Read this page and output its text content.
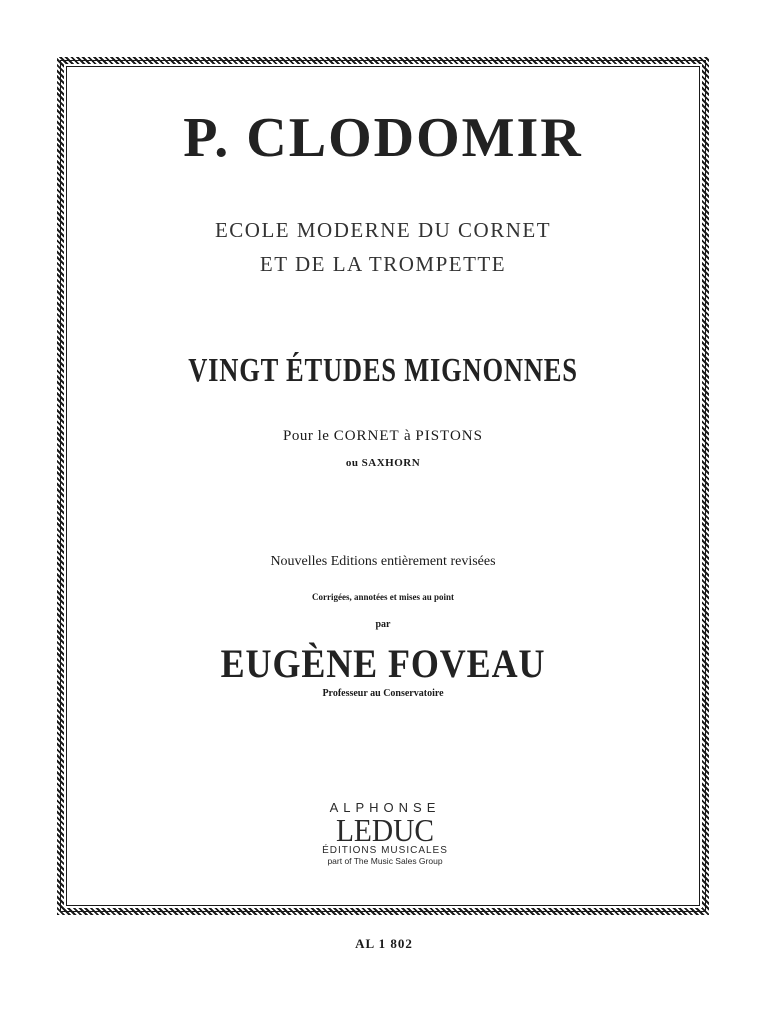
P. CLODOMIR
ECOLE MODERNE DU CORNET
ET DE LA TROMPETTE
VINGT ÉTUDES MIGNONNES
Pour le CORNET à PISTONS
ou SAXHORN
Nouvelles Editions entièrement revisées
Corrigées, annotées et mises au point
par
EUGÈNE FOVEAU
Professeur au Conservatoire
ALPHONSE
LEDUC
ÉDITIONS MUSICALES
part of The Music Sales Group
AL 1 802
